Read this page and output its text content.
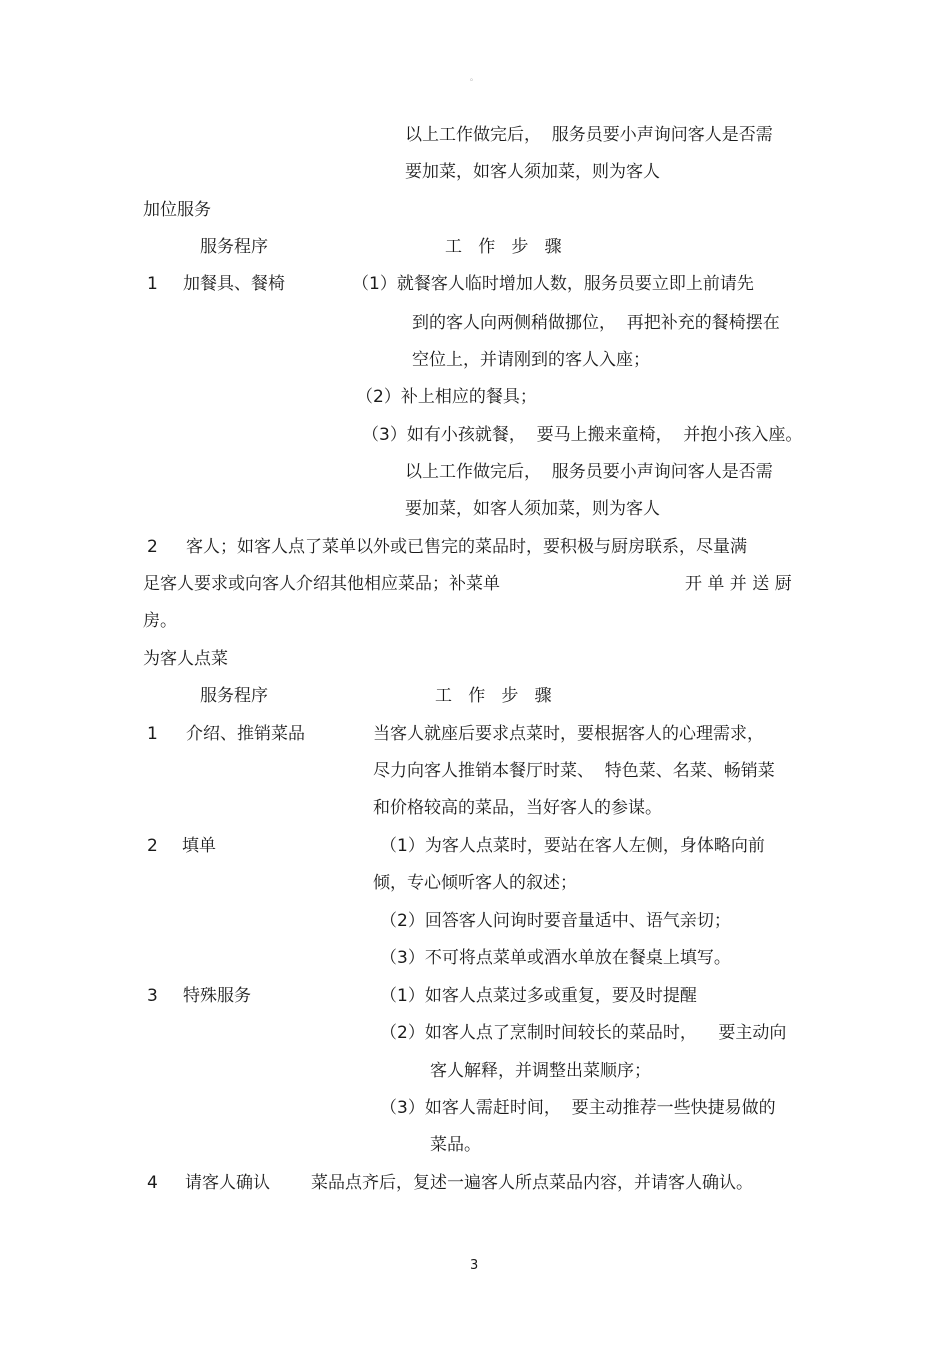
。
以上工作做完后，  服务员要小声询问客人是否需
要加菜，如客人须加菜，则为客人
加位服务
服务程序	工   作   步   骤
1 加餐具、餐椅	（1）就餐客人临时增加人数，服务员要立即上前请先
到的客人向两侧稍做挪位，  再把补充的餐椅摆在
空位上，并请刚到的客人入座；
（2）补上相应的餐具；
（3）如有小孩就餐，  要马上搬来童椅，  并抱小孩入座。
以上工作做完后，  服务员要小声询问客人是否需
要加菜，如客人须加菜，则为客人
2 客人；如客人点了菜单以外或已售完的菜品时，要积极与厨房联系，尽量满
足客人要求或向客人介绍其他相应菜品；补菜单	开 单 并 送 厨
房。
为客人点菜
服务程序	工   作   步   骤
1 介绍、推销菜品	当客人就座后要求点菜时，要根据客人的心理需求，
尽力向客人推销本餐厅时菜、  特色菜、名菜、畅销菜
和价格较高的菜品，当好客人的参谋。
2 填单	（1）为客人点菜时，要站在客人左侧，身体略向前
倾，专心倾听客人的叙述；
（2）回答客人问询时要音量适中、语气亲切；
（3）不可将点菜单或酒水单放在餐桌上填写。
3 特殊服务	（1）如客人点菜过多或重复，要及时提醒
（2）如客人点了烹制时间较长的菜品时，    要主动向
客人解释，并调整出菜顺序；
（3）如客人需赶时间，  要主动推荐一些快捷易做的
菜品。
4 请客人确认 菜品点齐后，复述一遍客人所点菜品内容，并请客人确认。
3
